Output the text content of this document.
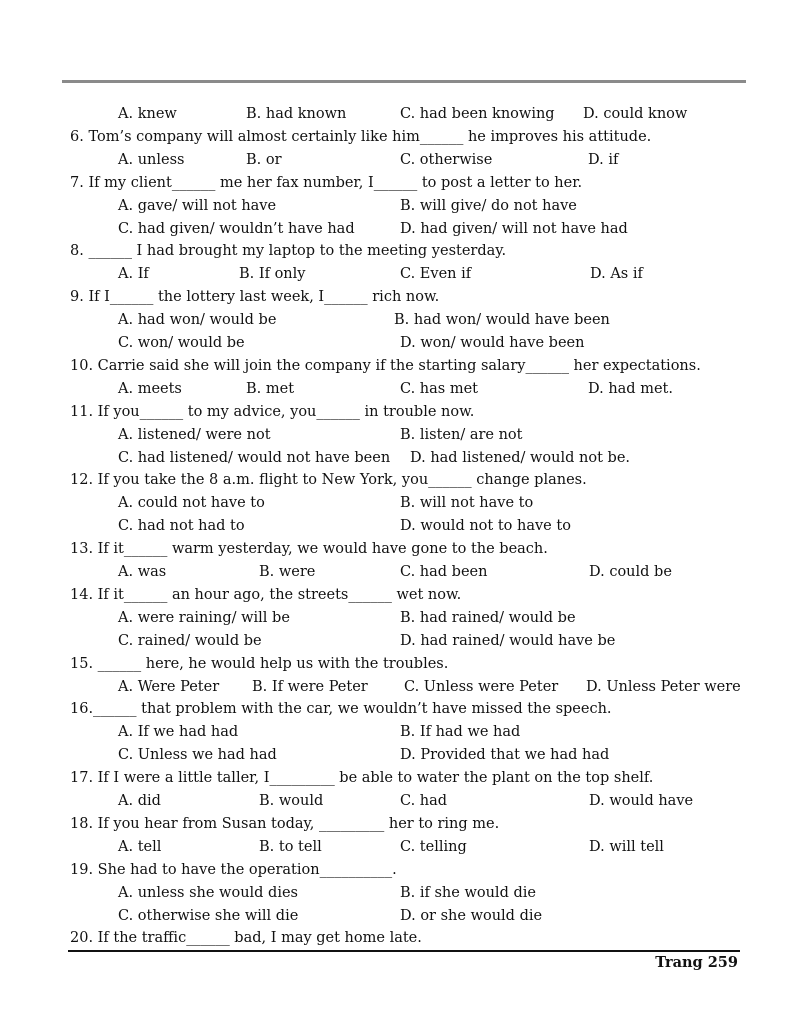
A. knew	B. had known	C. had been knowing D. could know
6. Tom’s company will almost certainly like him______ he improves his attitude.
A. unless	B. or	C. otherwise	D. if
7. If my client______ me her fax number, I______ to post a letter to her.
A. gave/ will not have	B. will give/ do not have
C. had given/ wouldn’t have had	D. had given/ will not have had
8. ______ I had brought my laptop to the meeting yesterday.
A. If	B. If only	C. Even if	D. As if
9. If I______ the lottery last week, I______ rich now.
A. had won/ would be	B. had won/ would have been
C. won/ would be	D. won/ would have been
10. Carrie said she will join the company if the starting salary______ her expectations.
A. meets	B. met	C. has met	D. had met.
11. If you______ to my advice, you______ in trouble now.
A. listened/ were not	B. listen/ are not
C. had listened/ would not have been D. had listened/ would not be.
12. If you take the 8 a.m. flight to New York, you______ change planes.
A. could not have to	B. will not have to
C. had not had to	D. would not to have to
13. If it______ warm yesterday, we would have gone to the beach.
A. was	B. were	C. had been	D. could be
14. If it______ an hour ago, the streets______ wet now.
A. were raining/ will be	B. had rained/ would be
C. rained/ would be	D. had rained/ would have be
15. ______ here, he would help us with the troubles.
A. Were Peter B. If were Peter	C. Unless were Peter D. Unless Peter were
16.______ that problem with the car, we wouldn’t have missed the speech.
A. If we had had	B. If had we had
C. Unless we had had	D. Provided that we had had
17. If I were a little taller, I_________ be able to water the plant on the top shelf.
A. did	B. would	C. had	D. would have
18. If you hear from Susan today, _________ her to ring me.
A. tell	B. to tell	C. telling	D. will tell
19. She had to have the operation__________.
A. unless she would dies	B. if she would die
C. otherwise she will die	D. or she would die
20. If the traffic______ bad, I may get home late.
Trang 259
